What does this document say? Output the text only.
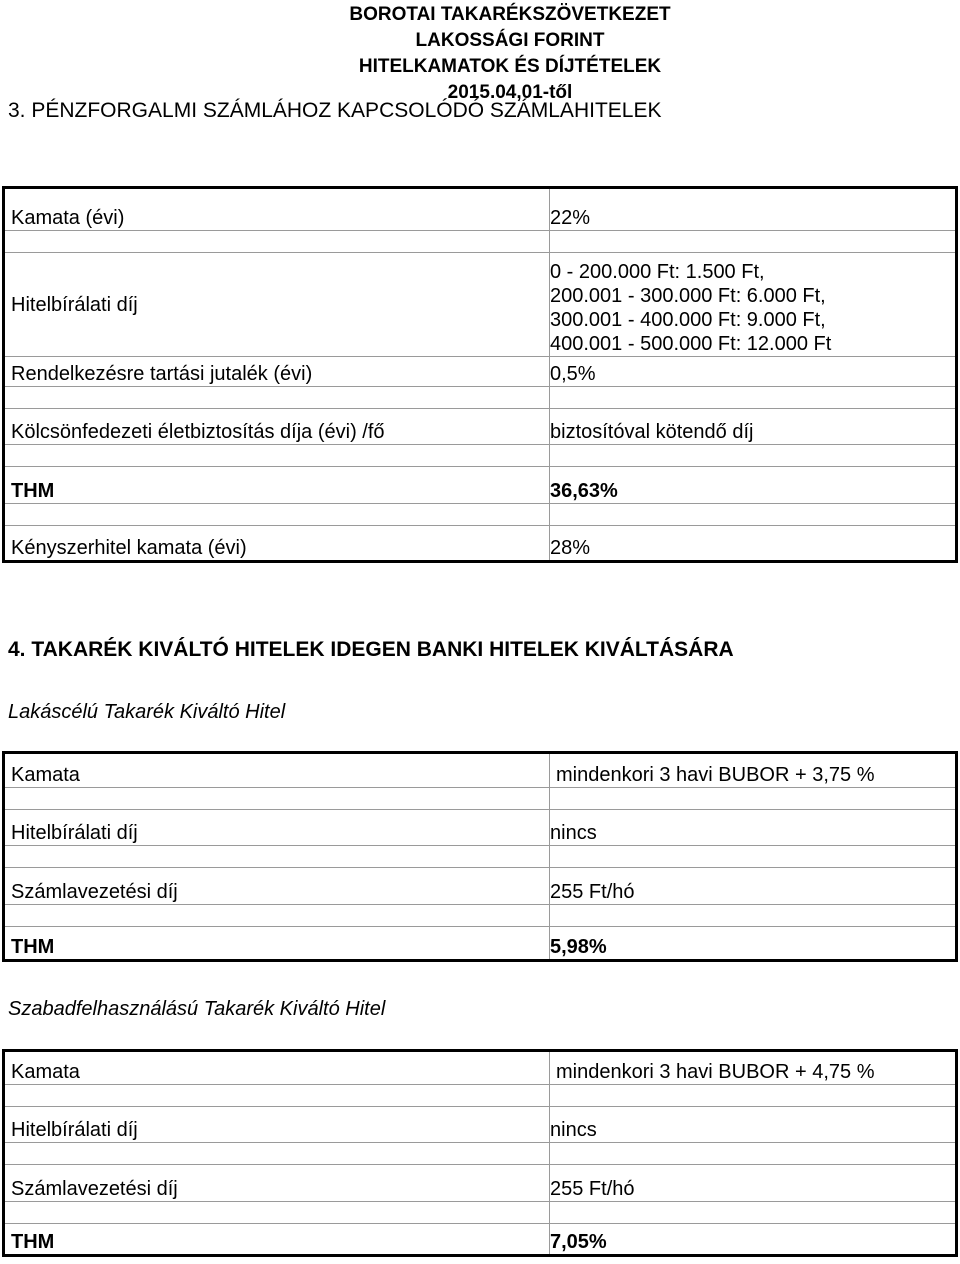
BOROTAI TAKARÉKSZÖVETKEZET
LAKOSSÁGI FORINT
HITELKAMATOK ÉS DÍJTÉTELEK
2015.04,01-től
3. PÉNZFORGALMI SZÁMLÁHOZ KAPCSOLÓDÓ SZÁMLAHITELEK
Kamata (évi)	22%

Hitelbírálati díj	0 - 200.000 Ft: 1.500 Ft,
200.001 - 300.000 Ft: 6.000 Ft,
300.001 - 400.000 Ft: 9.000 Ft,
400.001 - 500.000 Ft: 12.000 Ft

Rendelkezésre tartási jutalék (évi)	0,5%

Kölcsönfedezeti életbiztosítás díja (évi) /fő	biztosítóval kötendő díj

THM	36,63%

Kényszerhitel kamata (évi)	28%
4. TAKARÉK KIVÁLTÓ HITELEK IDEGEN BANKI HITELEK KIVÁLTÁSÁRA
Lakáscélú Takarék Kiváltó Hitel
Kamata	mindenkori 3 havi BUBOR + 3,75 %

Hitelbírálati díj	nincs

Számlavezetési díj	255 Ft/hó

THM	5,98%
Szabadfelhasználású Takarék Kiváltó Hitel
Kamata	mindenkori 3 havi BUBOR + 4,75 %

Hitelbírálati díj	nincs

Számlavezetési díj	255 Ft/hó

THM	7,05%
